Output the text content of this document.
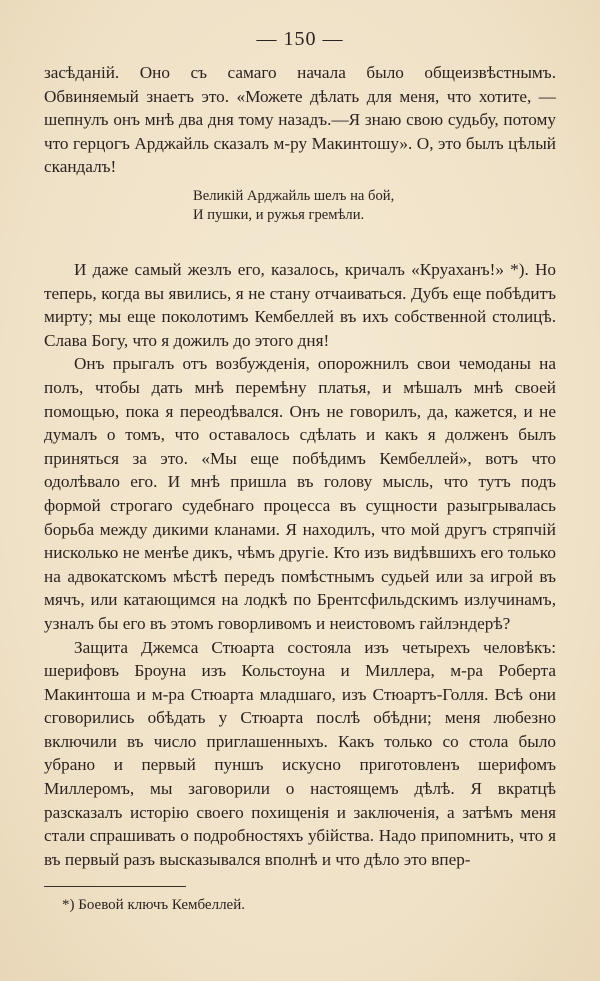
— 150 —

засѣданій. Оно съ самаго начала было общеизвѣстнымъ. Обвиняемый знаетъ это. «Можете дѣлать для меня, что хотите, — шепнулъ онъ мнѣ два дня тому назадъ.—Я знаю свою судьбу, потому что герцогъ Арджайль сказалъ м-ру Макинтошу». О, это былъ цѣлый скандалъ!

Великій Арджайль шелъ на бой,
И пушки, и ружья гремѣли.

И даже самый жезлъ его, казалось, кричалъ «Круаханъ!» *). Но теперь, когда вы явились, я не стану отчаиваться. Дубъ еще побѣдитъ мирту; мы еще поколотимъ Кембеллей въ ихъ собственной столицѣ. Слава Богу, что я дожилъ до этого дня!

Онъ прыгалъ отъ возбужденія, опорожнилъ свои чемоданы на полъ, чтобы дать мнѣ перемѣну платья, и мѣшалъ мнѣ своей помощью, пока я переодѣвался. Онъ не говорилъ, да, кажется, и не думалъ о томъ, что оставалось сдѣлать и какъ я долженъ былъ приняться за это. «Мы еще побѣдимъ Кембеллей», вотъ что одолѣвало его. И мнѣ пришла въ голову мысль, что тутъ подъ формой строгаго судебнаго процесса въ сущности разыгрывалась борьба между дикими кланами. Я находилъ, что мой другъ стряпчій нисколько не менѣе дикъ, чѣмъ другіе. Кто изъ видѣвшихъ его только на адвокатскомъ мѣстѣ передъ помѣстнымъ судьей или за игрой въ мячъ, или катающимся на лодкѣ по Брентсфильдскимъ излучинамъ, узналъ бы его въ этомъ говорливомъ и неистовомъ гайлэндерѣ?

Защита Джемса Стюарта состояла изъ четырехъ человѣкъ: шерифовъ Броуна изъ Кольстоуна и Миллера, м-ра Роберта Макинтоша и м-ра Стюарта младшаго, изъ Стюартъ-Голля. Всѣ они сговорились обѣдать у Стюарта послѣ обѣдни; меня любезно включили въ число приглашенныхъ. Какъ только со стола было убрано и первый пуншъ искусно приготовленъ шерифомъ Миллеромъ, мы заговорили о настоящемъ дѣлѣ. Я вкратцѣ разсказалъ исторію своего похищенія и заключенія, а затѣмъ меня стали спрашивать о подробностяхъ убійства. Надо припомнить, что я въ первый разъ высказывался вполнѣ и что дѣло это впер-

*) Боевой ключъ Кембеллей.
